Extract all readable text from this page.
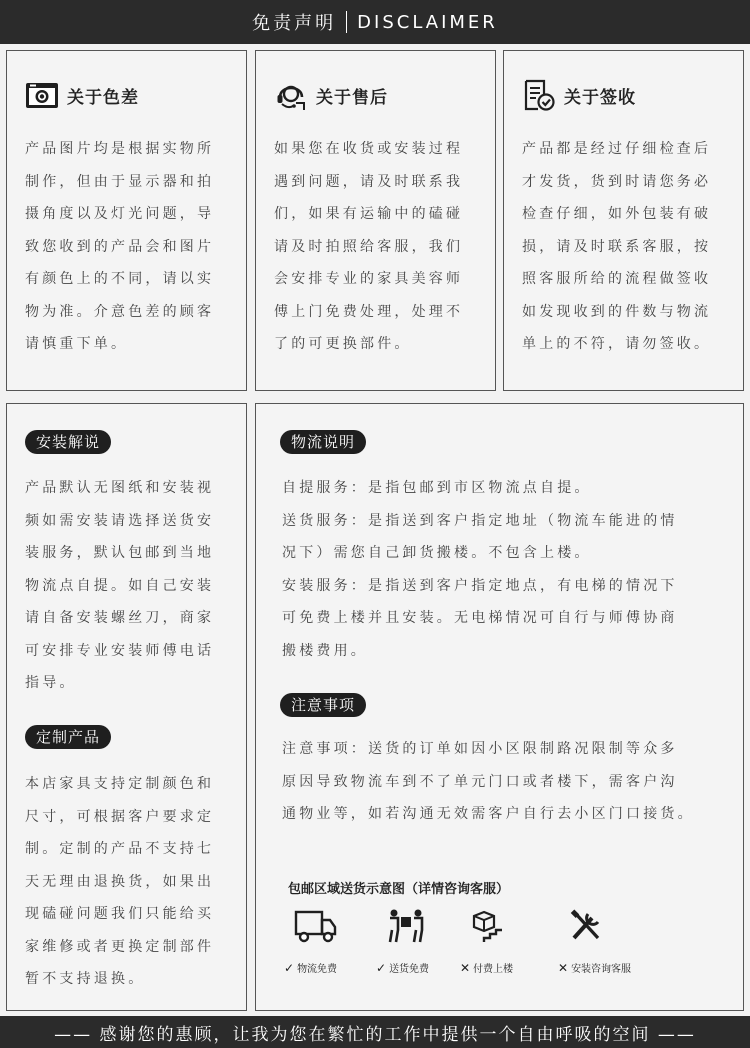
免责声明 DISCLAIMER
关于色差
产品图片均是根据实物所
制作，但由于显示器和拍
摄角度以及灯光问题，导
致您收到的产品会和图片
有颜色上的不同，请以实
物为准。介意色差的顾客
请慎重下单。
关于售后
如果您在收货或安装过程
遇到问题，请及时联系我
们，如果有运输中的磕碰
请及时拍照给客服，我们
会安排专业的家具美容师
傅上门免费处理，处理不
了的可更换部件。
关于签收
产品都是经过仔细检查后
才发货，货到时请您务必
检查仔细，如外包装有破
损，请及时联系客服，按
照客服所给的流程做签收
如发现收到的件数与物流
单上的不符，请勿签收。
安装解说
产品默认无图纸和安装视
频如需安装请选择送货安
装服务，默认包邮到当地
物流点自提。如自己安装
请自备安装螺丝刀，商家
可安排专业安装师傅电话
指导。
定制产品
本店家具支持定制颜色和
尺寸，可根据客户要求定
制。定制的产品不支持七
天无理由退换货，如果出
现磕碰问题我们只能给买
家维修或者更换定制部件
暂不支持退换。
物流说明
自提服务：是指包邮到市区物流点自提。
送货服务：是指送到客户指定地址（物流车能进的情
况下）需您自己卸货搬楼。不包含上楼。
安装服务：是指送到客户指定地点，有电梯的情况下
可免费上楼并且安装。无电梯情况可自行与师傅协商
搬楼费用。
注意事项
注意事项：送货的订单如因小区限制路况限制等众多
原因导致物流车到不了单元门口或者楼下，需客户沟
通物业等，如若沟通无效需客户自行去小区门口接货。
包邮区域送货示意图（详情咨询客服）
✓ 物流免费	✓ 送货免费	✕ 付费上楼	✕ 安装咨询客服
—— 感谢您的惠顾，让我为您在繁忙的工作中提供一个自由呼吸的空间 ——
